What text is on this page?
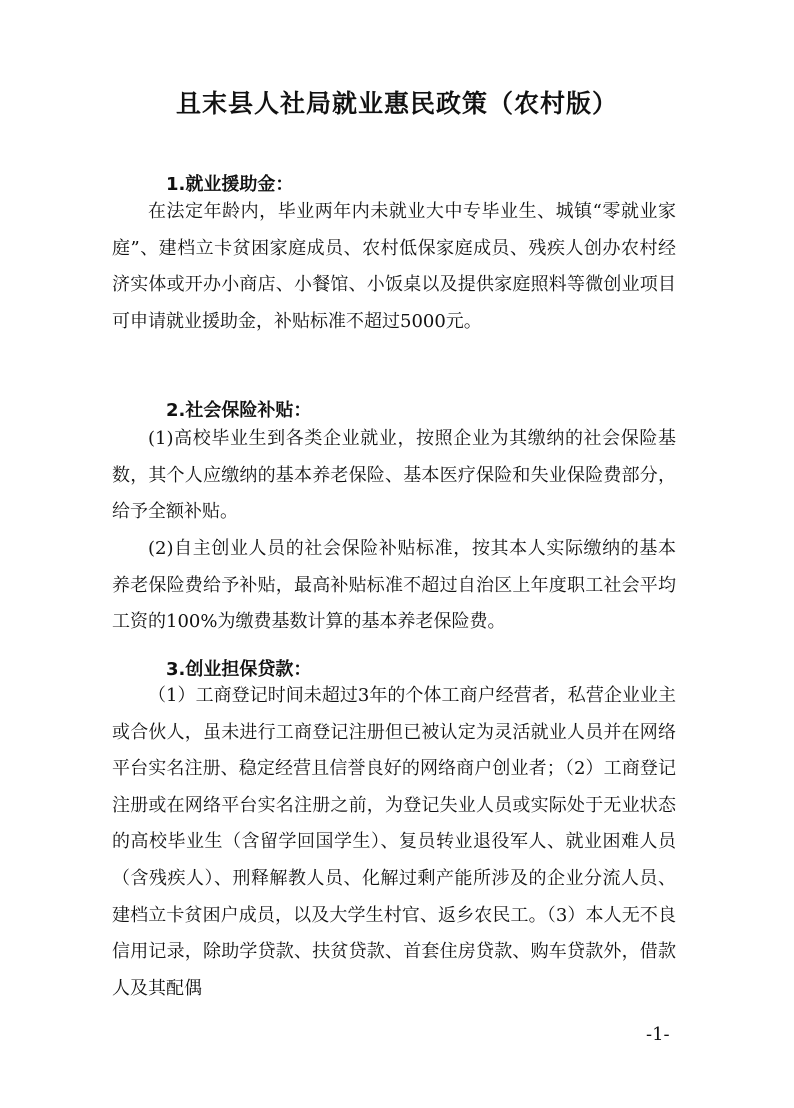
且末县人社局就业惠民政策（农村版）
1.就业援助金：

在法定年龄内，毕业两年内未就业大中专毕业生、城镇“零就业家庭”、建档立卡贫困家庭成员、农村低保家庭成员、残疾人创办农村经济实体或开办小商店、小餐馆、小饭桌以及提供家庭照料等微创业项目可申请就业援助金，补贴标准不超过5000元。

2.社会保险补贴：

(1)高校毕业生到各类企业就业，按照企业为其缴纳的社会保险基数，其个人应缴纳的基本养老保险、基本医疗保险和失业保险费部分，给予全额补贴。

(2)自主创业人员的社会保险补贴标准，按其本人实际缴纳的基本养老保险费给予补贴，最高补贴标准不超过自治区上年度职工社会平均工资的100%为缴费基数计算的基本养老保险费。

3.创业担保贷款：

（1）工商登记时间未超过3年的个体工商户经营者，私营企业业主或合伙人，虽未进行工商登记注册但已被认定为灵活就业人员并在网络平台实名注册、稳定经营且信誉良好的网络商户创业者；（2）工商登记注册或在网络平台实名注册之前，为登记失业人员或实际处于无业状态的高校毕业生（含留学回国学生）、复员转业退役军人、就业困难人员（含残疾人）、刑释解教人员、化解过剩产能所涉及的企业分流人员、建档立卡贫困户成员，以及大学生村官、返乡农民工。（3）本人无不良信用记录，除助学贷款、扶贫贷款、首套住房贷款、购车贷款外，借款人及其配偶

-1-
